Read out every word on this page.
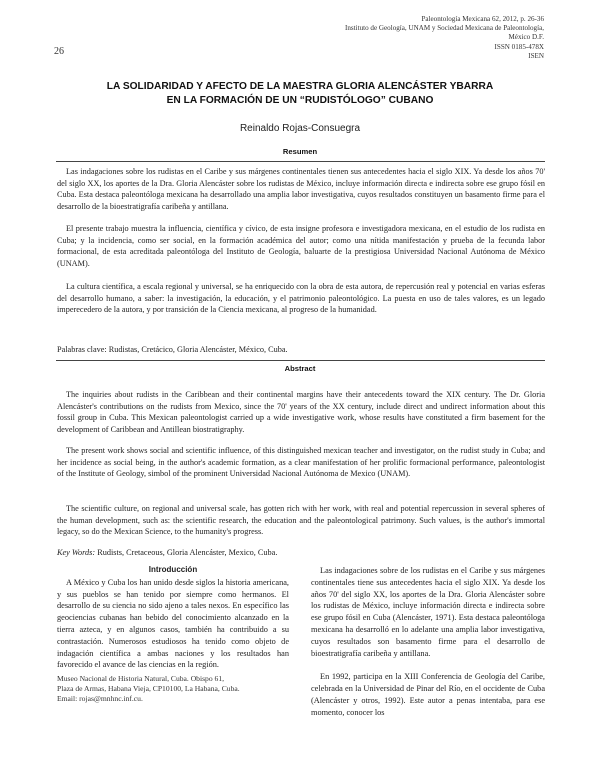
Paleontología Mexicana 62, 2012, p. 26-36
Instituto de Geología, UNAM y Sociedad Mexicana de Paleontología,
México D.F.
ISSN 0185-478X
ISEN
26
LA SOLIDARIDAD Y AFECTO DE LA MAESTRA GLORIA ALENCÁSTER YBARRA
EN LA FORMACIÓN DE UN “RUDISTÓLOGO” CUBANO
Reinaldo Rojas-Consuegra
Resumen
Las indagaciones sobre los rudistas en el Caribe y sus márgenes continentales tienen sus antecedentes hacia el siglo XIX. Ya desde los años 70' del siglo XX, los aportes de la Dra. Gloria Alencáster sobre los rudistas de México, incluye información directa e indirecta sobre ese grupo fósil en Cuba. Esta destaca paleontóloga mexicana ha desarrollado una amplia labor investigativa, cuyos resultados constituyen un basamento firme para el desarrollo de la bioestratigrafía caribeña y antillana.
El presente trabajo muestra la influencia, científica y cívico, de esta insigne profesora e investigadora mexicana, en el estudio de los rudista en Cuba; y la incidencia, como ser social, en la formación académica del autor; como una nítida manifestación y prueba de la fecunda labor formacional, de esta acreditada paleontóloga del Instituto de Geología, baluarte de la prestigiosa Universidad Nacional Autónoma de México (UNAM).
La cultura científica, a escala regional y universal, se ha enriquecido con la obra de esta autora, de repercusión real y potencial en varias esferas del desarrollo humano, a saber: la investigación, la educación, y el patrimonio paleontológico. La puesta en uso de tales valores, es un legado imperecedero de la autora, y por transición de la Ciencia mexicana, al progreso de la humanidad.
Palabras clave: Rudistas, Cretácico, Gloria Alencáster, México, Cuba.
Abstract
The inquiries about rudists in the Caribbean and their continental margins have their antecedents toward the XIX century. The Dr. Gloria Alencáster's contributions on the rudists from Mexico, since the 70' years of the XX century, include direct and undirect information about this fossil group in Cuba. This Mexican paleontologist carried up a wide investigative work, whose results have constituted a firm basement for the development of Caribbean and Antillean biostratigraphy.
The present work shows social and scientific influence, of this distinguished mexican teacher and investigator, on the rudist study in Cuba; and her incidence as social being, in the author's academic formation, as a clear manifestation of her prolific formacional performance, paleontologist of the Institute of Geology, simbol of the prominent Universidad Nacional Autónoma de Mexico (UNAM).
The scientific culture, on regional and universal scale, has gotten rich with her work, with real and potential repercussion in several spheres of the human development, such as: the scientific research, the education and the paleontological patrimony. Such values, is the author's immortal legacy, so do the Mexican Science, to the humanity's progress.
Key Words: Rudists, Cretaceous, Gloria Alencáster, Mexico, Cuba.
Introducción

A México y Cuba los han unido desde siglos la historia americana, y sus pueblos se han tenido por siempre como hermanos. El desarrollo de su ciencia no sido ajeno a tales nexos. En específico las geociencias cubanas han bebido del conocimiento alcanzado en la tierra azteca, y en algunos casos, también ha contribuido a su contrastación. Numerosos estudiosos ha tenido como objeto de indagación científica a ambas naciones y los resultados han favorecido el avance de las ciencias en la región.

Museo Nacional de Historia Natural, Cuba. Obispo 61,
Plaza de Armas, Habana Vieja, CP10100, La Habana, Cuba.
Email: rojas@mnhnc.inf.cu.

Las indagaciones sobre de los rudistas en el Caribe y sus márgenes continentales tiene sus antecedentes hacia el siglo XIX. Ya desde los años 70' del siglo XX, los aportes de la Dra. Gloria Alencáster sobre los rudistas de México, incluye información directa e indirecta sobre ese grupo fósil en Cuba (Alencáster, 1971). Esta destaca paleontóloga mexicana ha desarrolló en lo adelante una amplia labor investigativa, cuyos resultados son basamento firme para el desarrollo de bioestratigrafía caribeña y antillana.

En 1992, participa en la XIII Conferencia de Geología del Caribe, celebrada en la Universidad de Pinar del Río, en el occidente de Cuba (Alencáster y otros, 1992). Este autor a penas intentaba, para ese momento, conocer los
